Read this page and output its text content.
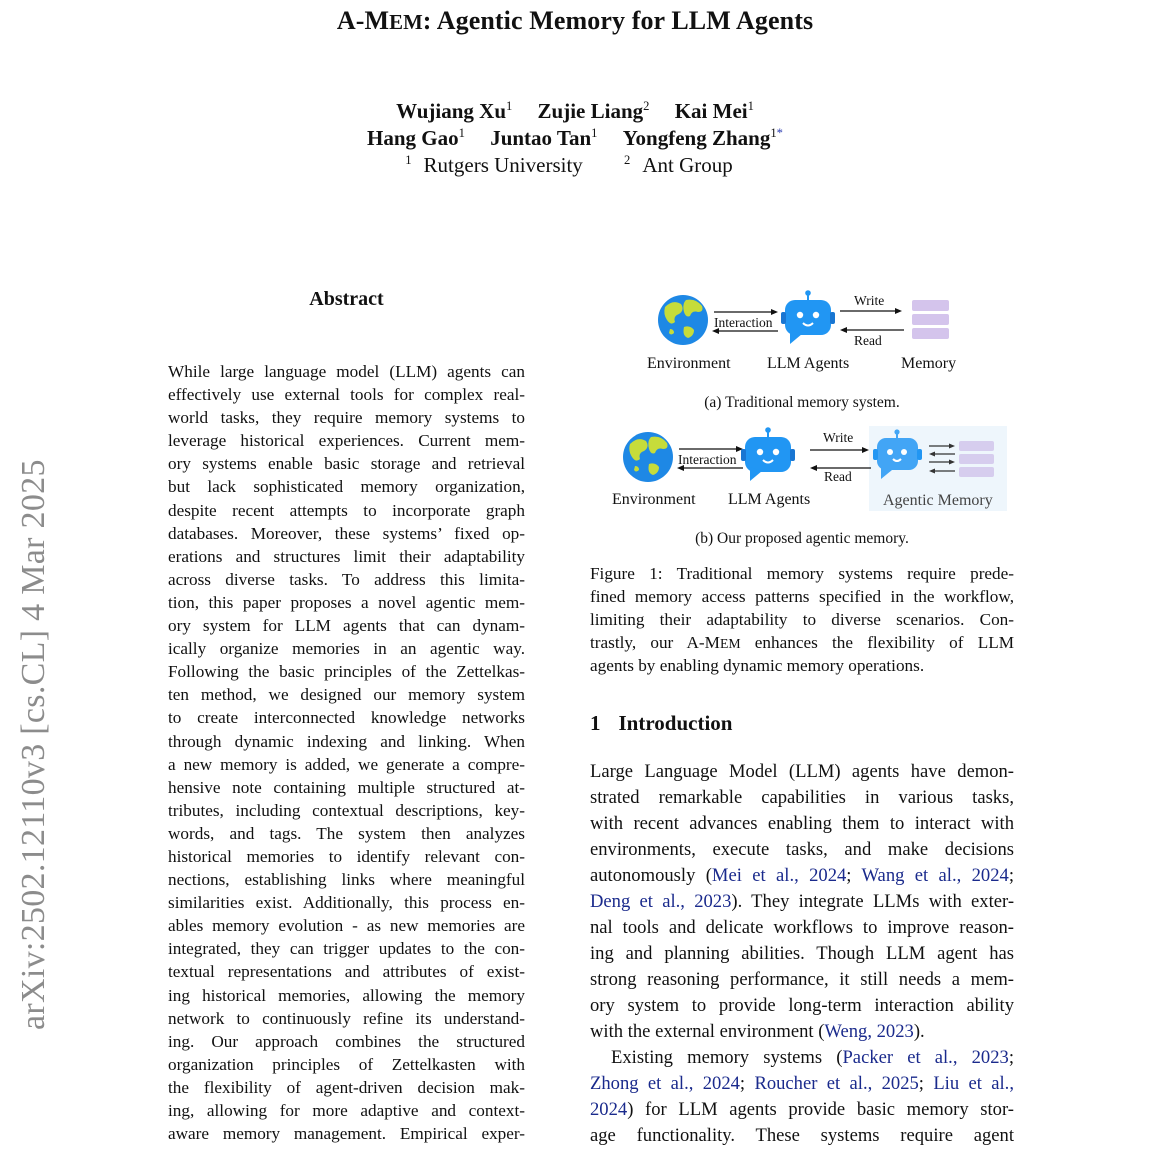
A-MEM: Agentic Memory for LLM Agents
Wujiang Xu$^1$ Zujie Liang$^2$ Kai Mei$^1$
Hang Gao$^1$ Juntao Tan$^1$ Yongfeng Zhang$^{1*}$
$^1$ Rutgers University	$^2$ Ant Group
arXiv:2502.12110v3 [cs.CL] 4 Mar 2025
Abstract
While large language model (LLM) agents can
effectively use external tools for complex real-
world tasks, they require memory systems to
leverage historical experiences. Current mem-
ory systems enable basic storage and retrieval
but lack sophisticated memory organization,
despite recent attempts to incorporate graph
databases. Moreover, these systems’ fixed op-
erations and structures limit their adaptability
across diverse tasks. To address this limita-
tion, this paper proposes a novel agentic mem-
ory system for LLM agents that can dynam-
ically organize memories in an agentic way.
Following the basic principles of the Zettelkas-
ten method, we designed our memory system
to create interconnected knowledge networks
through dynamic indexing and linking. When
a new memory is added, we generate a compre-
hensive note containing multiple structured at-
tributes, including contextual descriptions, key-
words, and tags. The system then analyzes
historical memories to identify relevant con-
nections, establishing links where meaningful
similarities exist. Additionally, this process en-
ables memory evolution - as new memories are
integrated, they can trigger updates to the con-
textual representations and attributes of exist-
ing historical memories, allowing the memory
network to continuously refine its understand-
ing. Our approach combines the structured
organization principles of Zettelkasten with
the flexibility of agent-driven decision mak-
ing, allowing for more adaptive and context-
aware memory management. Empirical exper-
Interaction
Write
Read
Environment LLM Agents	Memory
(a) Traditional memory system.
Interaction
Write
Read
Environment LLM Agents	Agentic Memory
(b) Our proposed agentic memory.
Figure 1: Traditional memory systems require prede-
fined memory access patterns specified in the workflow,
limiting their adaptability to diverse scenarios. Con-
trastly, our A-MEM enhances the flexibility of LLM
agents by enabling dynamic memory operations.
1 Introduction
Large Language Model (LLM) agents have demon-
strated remarkable capabilities in various tasks,
with recent advances enabling them to interact with
environments, execute tasks, and make decisions
autonomously (Mei et al., 2024; Wang et al., 2024;
Deng et al., 2023). They integrate LLMs with exter-
nal tools and delicate workflows to improve reason-
ing and planning abilities. Though LLM agent has
strong reasoning performance, it still needs a mem-
ory system to provide long-term interaction ability
with the external environment (Weng, 2023).
Existing memory systems (Packer et al., 2023;
Zhong et al., 2024; Roucher et al., 2025; Liu et al.,
2024) for LLM agents provide basic memory stor-
age functionality. These systems require agent
